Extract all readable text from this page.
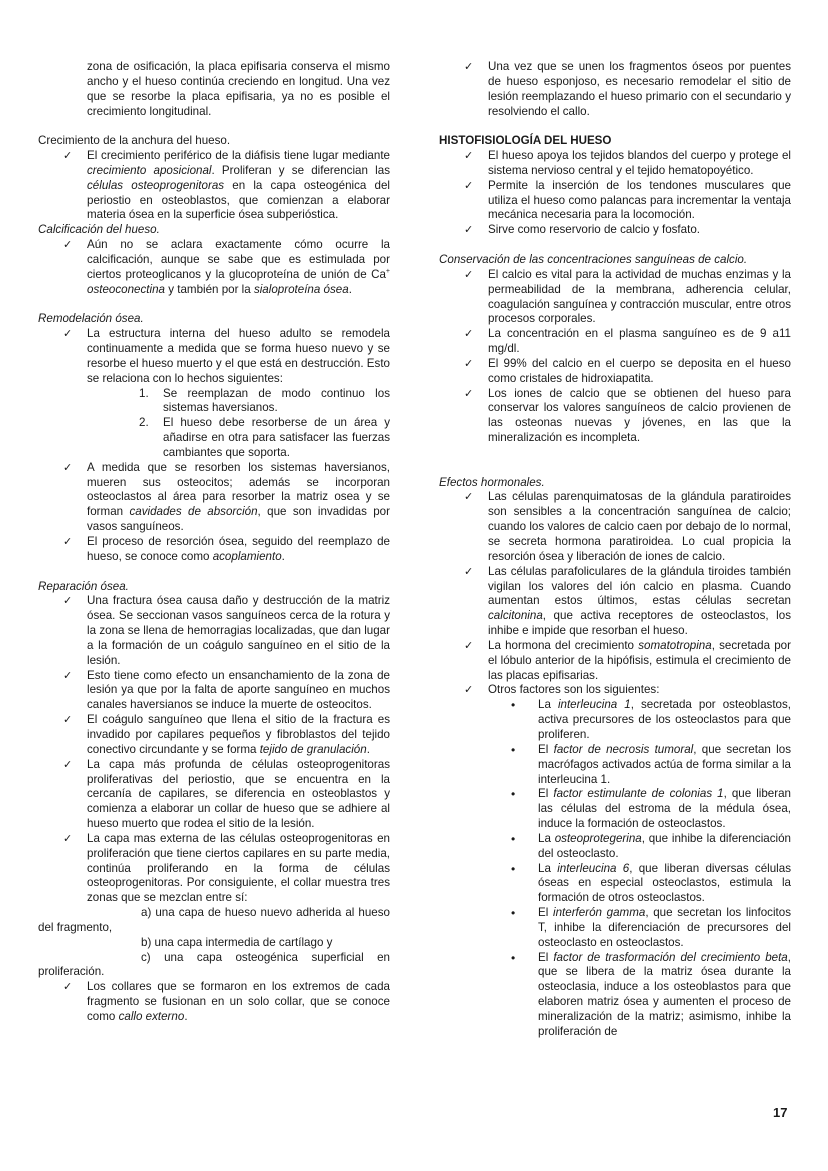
zona de osificación, la placa epifisaria conserva el mismo ancho y el hueso continúa creciendo en longitud. Una vez que se resorbe la placa epifisaria, ya no es posible el crecimiento longitudinal.
Crecimiento de la anchura del hueso.
✓ El crecimiento periférico de la diáfisis tiene lugar mediante crecimiento aposicional. Proliferan y se diferencian las células osteoprogenitoras en la capa osteogénica del periostio en osteoblastos, que comienzan a elaborar materia ósea en la superficie ósea subperióstica.
Calcificación del hueso.
✓ Aún no se aclara exactamente cómo ocurre la calcificación, aunque se sabe que es estimulada por ciertos proteoglicanos y la glucoproteína de unión de Ca+ osteoconectina y también por la sialoproteína ósea.
Remodelación ósea.
✓ La estructura interna del hueso adulto se remodela continuamente a medida que se forma hueso nuevo y se resorbe el hueso muerto y el que está en destrucción. Esto se relaciona con lo hechos siguientes:
1. Se reemplazan de modo continuo los sistemas haversianos.
2. El hueso debe resorberse de un área y añadirse en otra para satisfacer las fuerzas cambiantes que soporta.
✓ A medida que se resorben los sistemas haversianos, mueren sus osteocitos; además se incorporan osteoclastos al área para resorber la matriz osea y se forman cavidades de absorción, que son invadidas por vasos sanguíneos.
✓ El proceso de resorción ósea, seguido del reemplazo de hueso, se conoce como acoplamiento.
Reparación ósea.
✓ Una fractura ósea causa daño y destrucción de la matriz ósea. Se seccionan vasos sanguíneos cerca de la rotura y la zona se llena de hemorragias localizadas, que dan lugar a la formación de un coágulo sanguíneo en el sitio de la lesión.
✓ Esto tiene como efecto un ensanchamiento de la zona de lesión ya que por la falta de aporte sanguíneo en muchos canales haversianos se induce la muerte de osteocitos.
✓ El coágulo sanguíneo que llena el sitio de la fractura es invadido por capilares pequeños y fibroblastos del tejido conectivo circundante y se forma tejido de granulación.
✓ La capa más profunda de células osteoprogenitoras proliferativas del periostio, que se encuentra en la cercanía de capilares, se diferencia en osteoblastos y comienza a elaborar un collar de hueso que se adhiere al hueso muerto que rodea el sitio de la lesión.
✓ La capa mas externa de las células osteoprogenitoras en proliferación que tiene ciertos capilares en su parte media, continúa proliferando en la forma de células osteoprogenitoras. Por consiguiente, el collar muestra tres zonas que se mezclan entre sí:
a) una capa de hueso nuevo adherida al hueso del fragmento,
b) una capa intermedia de cartílago y
c) una capa osteogénica superficial en proliferación.
✓ Los collares que se formaron en los extremos de cada fragmento se fusionan en un solo collar, que se conoce como callo externo.
✓ Una vez que se unen los fragmentos óseos por puentes de hueso esponjoso, es necesario remodelar el sitio de lesión reemplazando el hueso primario con el secundario y resolviendo el callo.
HISTOFISIOLOGÍA DEL HUESO
✓ El hueso apoya los tejidos blandos del cuerpo y protege el sistema nervioso central y el tejido hematopoyético.
✓ Permite la inserción de los tendones musculares que utiliza el hueso como palancas para incrementar la ventaja mecánica necesaria para la locomoción.
✓ Sirve como reservorio de calcio y fosfato.
Conservación de las concentraciones sanguíneas de calcio.
✓ El calcio es vital para la actividad de muchas enzimas y la permeabilidad de la membrana, adherencia celular, coagulación sanguínea y contracción muscular, entre otros procesos corporales.
✓ La concentración en el plasma sanguíneo es de 9 a11 mg/dl.
✓ El 99% del calcio en el cuerpo se deposita en el hueso como cristales de hidroxiapatita.
✓ Los iones de calcio que se obtienen del hueso para conservar los valores sanguíneos de calcio provienen de las osteonas nuevas y jóvenes, en las que la mineralización es incompleta.
Efectos hormonales.
✓ Las células parenquimatosas de la glándula paratiroides son sensibles a la concentración sanguínea de calcio; cuando los valores de calcio caen por debajo de lo normal, se secreta hormona paratiroidea. Lo cual propicia la resorción ósea y liberación de iones de calcio.
✓ Las células parafoliculares de la glándula tiroides también vigilan los valores del ión calcio en plasma. Cuando aumentan estos últimos, estas células secretan calcitonina, que activa receptores de osteoclastos, los inhibe e impide que resorban el hueso.
✓ La hormona del crecimiento somatotropina, secretada por el lóbulo anterior de la hipófisis, estimula el crecimiento de las placas epifisarias.
✓ Otros factores son los siguientes:
• La interleucina 1, secretada por osteoblastos, activa precursores de los osteoclastos para que proliferen.
• El factor de necrosis tumoral, que secretan los macrófagos activados actúa de forma similar a la interleucina 1.
• El factor estimulante de colonias 1, que liberan las células del estroma de la médula ósea, induce la formación de osteoclastos.
• La osteoprotegerina, que inhibe la diferenciación del osteoclasto.
• La interleucina 6, que liberan diversas células óseas en especial osteoclastos, estimula la formación de otros osteoclastos.
• El interferón gamma, que secretan los linfocitos T, inhibe la diferenciación de precursores del osteoclasto en osteoclastos.
• El factor de trasformación del crecimiento beta, que se libera de la matriz ósea durante la osteoclasia, induce a los osteoblastos para que elaboren matriz ósea y aumenten el proceso de mineralización de la matriz; asimismo, inhibe la proliferación de
17
